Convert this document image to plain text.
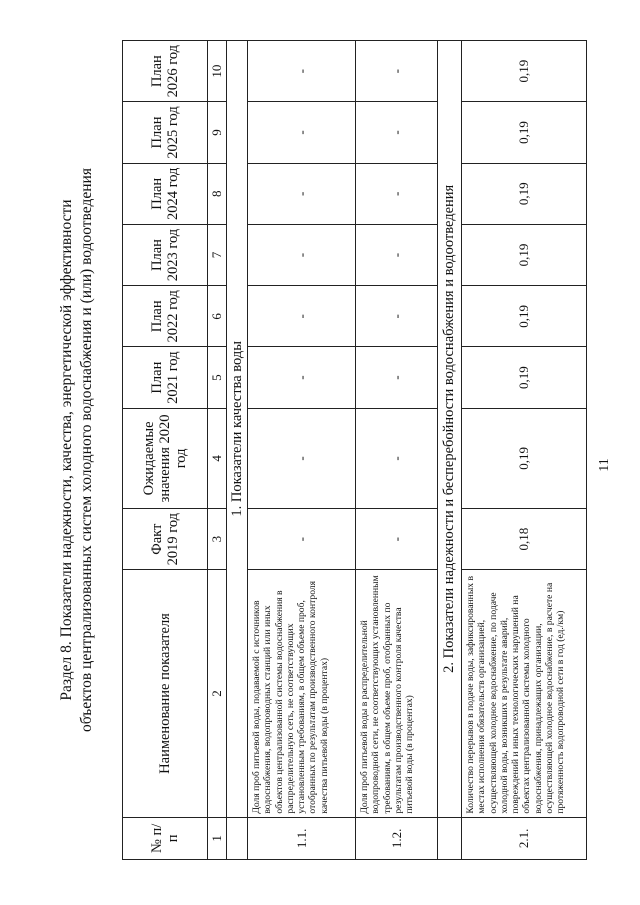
11
Раздел 8. Показатели надежности, качества, энергетической эффективности объектов централизованных систем холодного водоснабжения и (или) водоотведения
№ п/п	Наименование показателя	Факт 2019 год	Ожидаемые значения 2020 год	План 2021 год	План 2022 год	План 2023 год	План 2024 год	План 2025 год	План 2026 год
1	2	3	4	5	6	7	8	9	10
	1. Показатели качества воды								
1.1.	Доля проб питьевой воды, подаваемой с источников водоснабжения, водопроводных станций или иных объектов централизованной системы водоснабжения в распределительную сеть, не соответствующих установленным требованиям, в общем объеме проб, отобранных по результатам производственного контроля качества питьевой воды (в процентах)	-	-	-	-	-	-	-	-
1.2.	Доля проб питьевой воды в распределительной водопроводной сети, не соответствующих установленным требованиям, в общем объеме проб, отобранных по результатам производственного контроля качества питьевой воды (в процентах)	-	-	-	-	-	-	-	-
	2. Показатели надежности и бесперебойности водоснабжения и водоотведения								
2.1.	Количество перерывов в подаче воды, зафиксированных в местах исполнения обязательств организацией, осуществляющей холодное водоснабжение, по подаче холодной воды, возникших в результате аварий, повреждений и иных технологических нарушений на объектах централизованной системы холодного водоснабжения, принадлежащих организации, осуществляющей холодное водоснабжение, в расчете на протяженность водопроводной сети в год (ед./км)	0,18	0,19	0,19	0,19	0,19	0,19	0,19	0,19
